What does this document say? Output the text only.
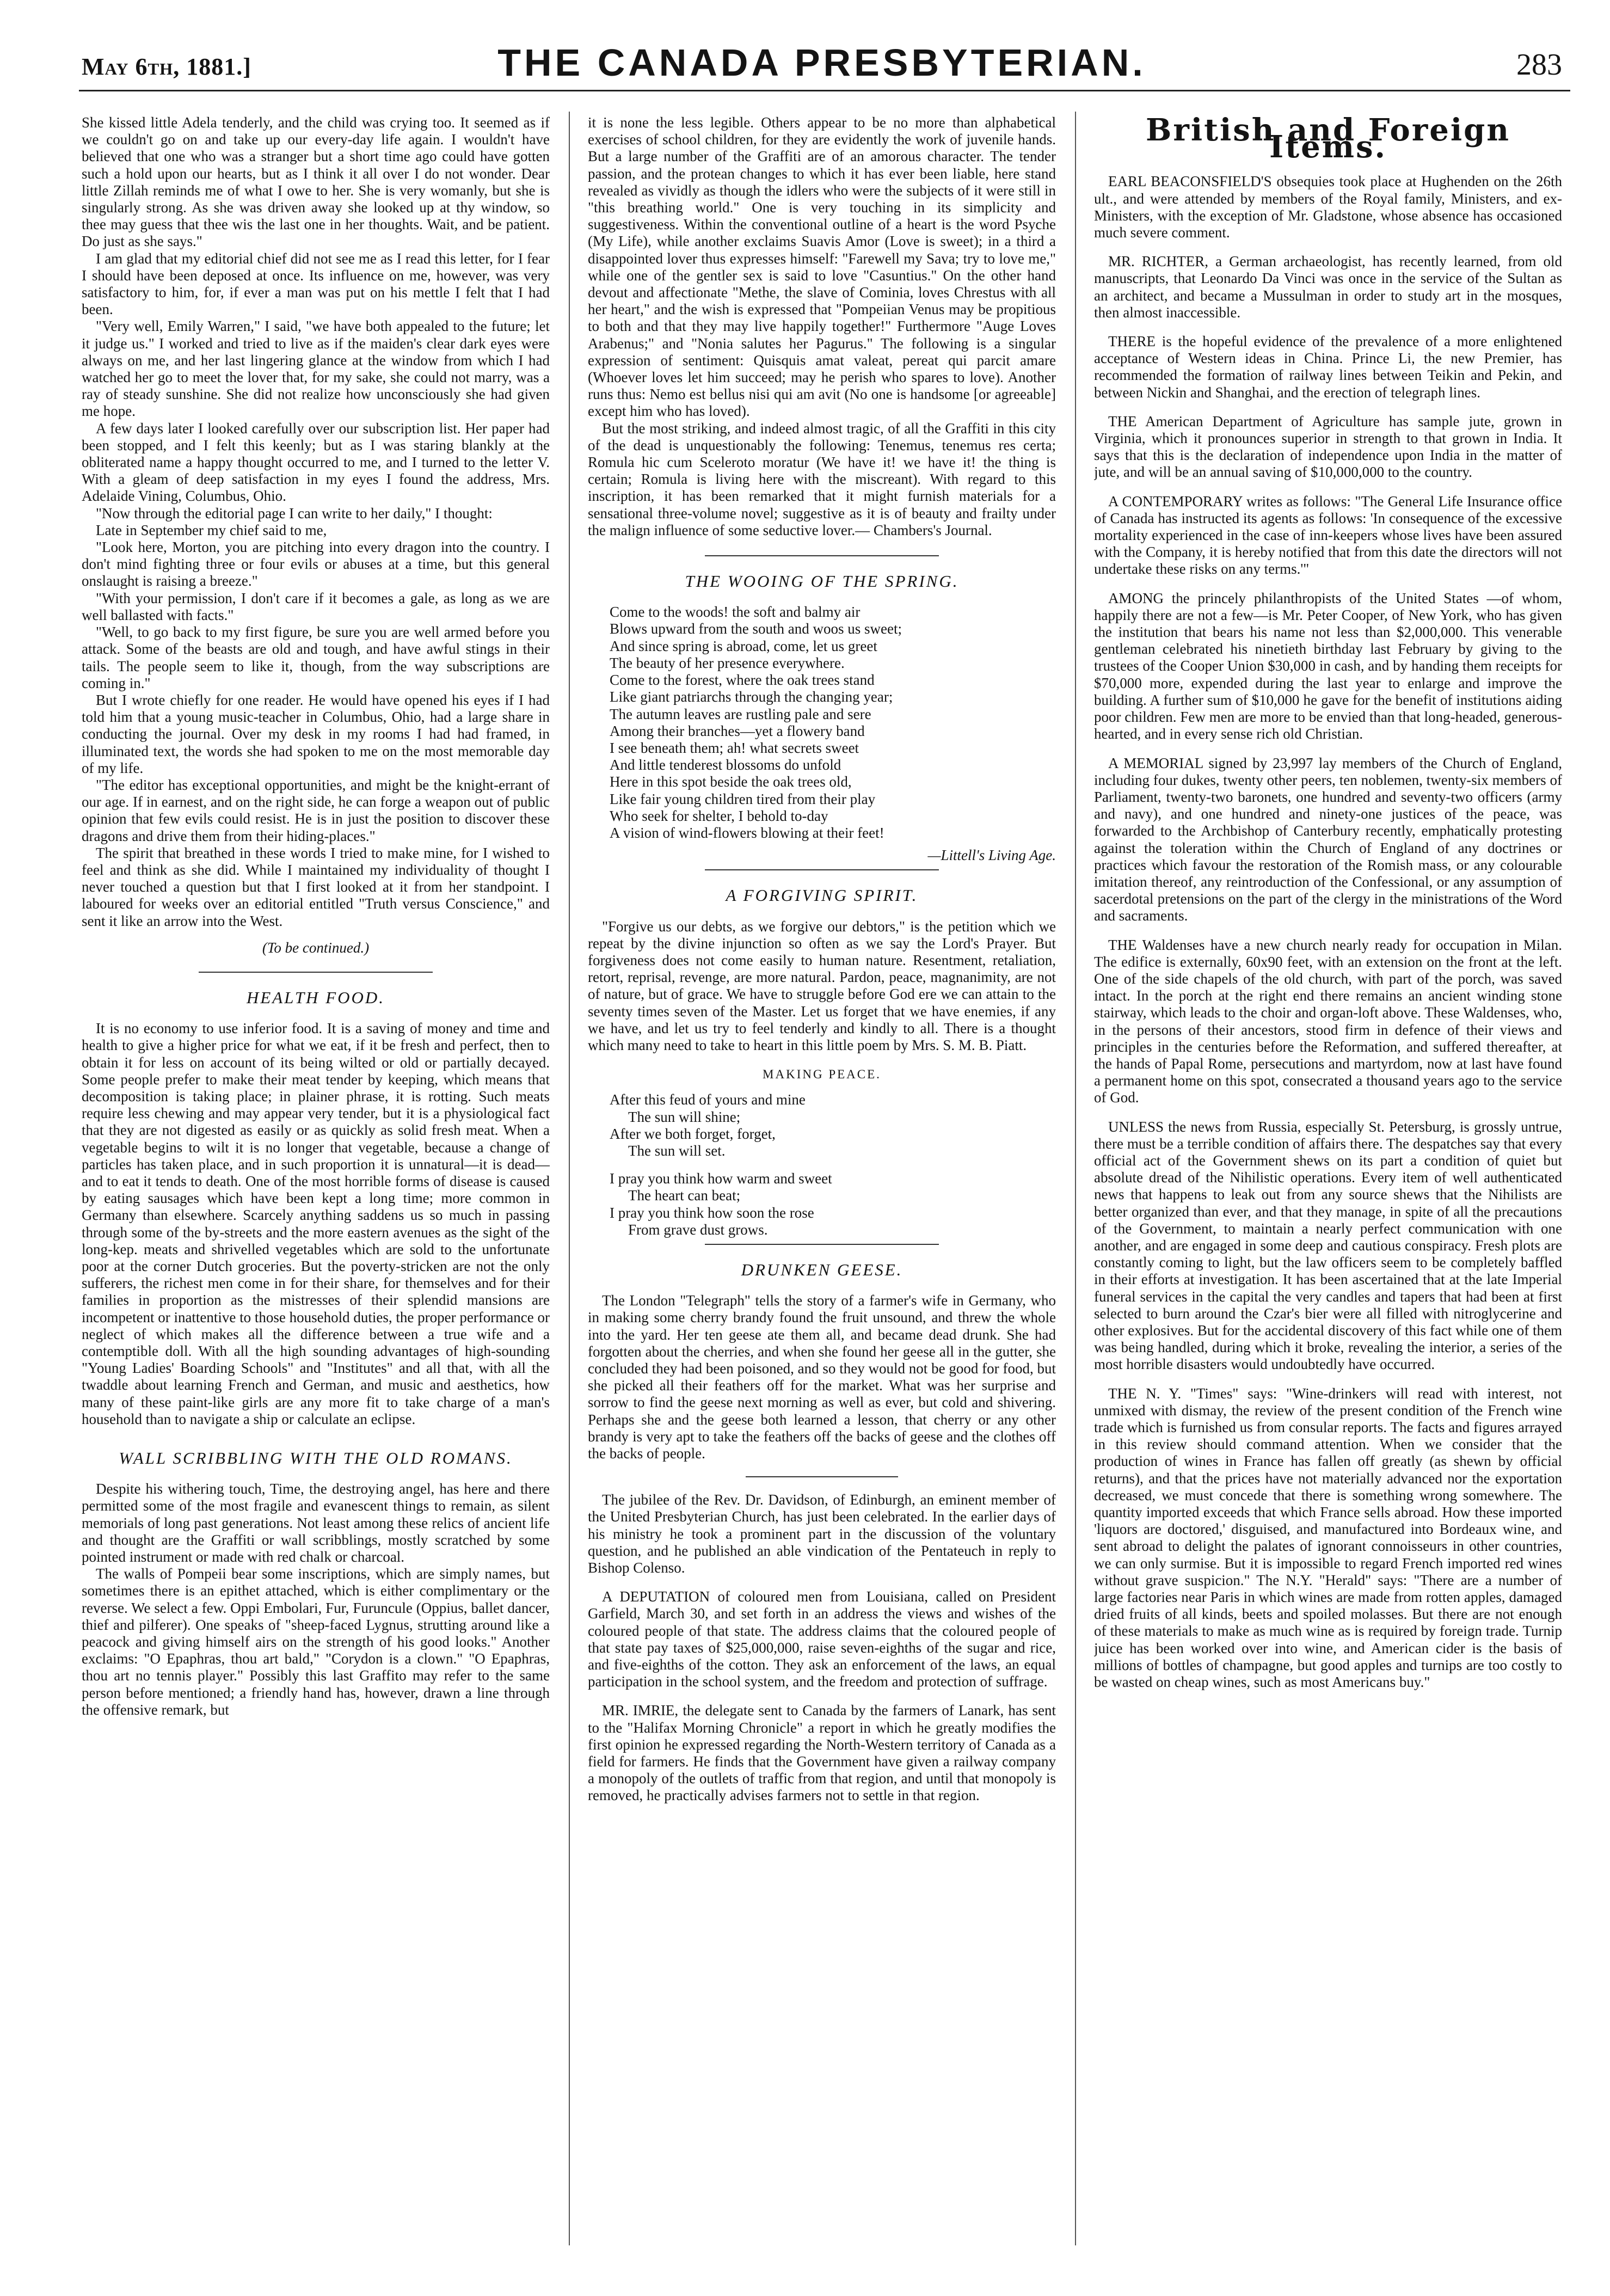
May 6th, 1881.]	THE CANADA PRESBYTERIAN.	283

She kissed little Adela tenderly, and the child was crying too. It seemed as if we couldn't go on and take up our every-day life again. I wouldn't have believed that one who was a stranger but a short time ago could have gotten such a hold upon our hearts, but as I think it all over I do not wonder. Dear little Zillah reminds me of what I owe to her. She is very womanly, but she is singularly strong. As she was driven away she looked up at thy window, so thee may guess that thee wis the last one in her thoughts. Wait, and be patient. Do just as she says."

I am glad that my editorial chief did not see me as I read this letter, for I fear I should have been deposed at once. Its influence on me, however, was very satisfactory to him, for, if ever a man was put on his mettle I felt that I had been.

"Very well, Emily Warren," I said, "we have both appealed to the future; let it judge us." I worked and tried to live as if the maiden's clear dark eyes were always on me, and her last lingering glance at the window from which I had watched her go to meet the lover that, for my sake, she could not marry, was a ray of steady sunshine. She did not realize how unconsciously she had given me hope.

A few days later I looked carefully over our subscription list. Her paper had been stopped, and I felt this keenly; but as I was staring blankly at the obliterated name a happy thought occurred to me, and I turned to the letter V. With a gleam of deep satisfaction in my eyes I found the address, Mrs. Adelaide Vining, Columbus, Ohio.

"Now through the editorial page I can write to her daily," I thought:

Late in September my chief said to me,

"Look here, Morton, you are pitching into every dragon into the country. I don't mind fighting three or four evils or abuses at a time, but this general onslaught is raising a breeze."

"With your permission, I don't care if it becomes a gale, as long as we are well ballasted with facts."

"Well, to go back to my first figure, be sure you are well armed before you attack. Some of the beasts are old and tough, and have awful stings in their tails. The people seem to like it, though, from the way subscriptions are coming in."

But I wrote chiefly for one reader. He would have opened his eyes if I had told him that a young music-teacher in Columbus, Ohio, had a large share in conducting the journal. Over my desk in my rooms I had had framed, in illuminated text, the words she had spoken to me on the most memorable day of my life.

"The editor has exceptional opportunities, and might be the knight-errant of our age. If in earnest, and on the right side, he can forge a weapon out of public opinion that few evils could resist. He is in just the position to discover these dragons and drive them from their hiding-places."

The spirit that breathed in these words I tried to make mine, for I wished to feel and think as she did. While I maintained my individuality of thought I never touched a question but that I first looked at it from her standpoint. I laboured for weeks over an editorial entitled "Truth versus Conscience," and sent it like an arrow into the West.

(To be continued.)
HEALTH FOOD.

It is no economy to use inferior food. It is a saving of money and time and health to give a higher price for what we eat, if it be fresh and perfect, then to obtain it for less on account of its being wilted or old or partially decayed. Some people prefer to make their meat tender by keeping, which means that decomposition is taking place; in plainer phrase, it is rotting. Such meats require less chewing and may appear very tender, but it is a physiological fact that they are not digested as easily or as quickly as solid fresh meat. When a vegetable begins to wilt it is no longer that vegetable, because a change of particles has taken place, and in such proportion it is unnatural—it is dead—and to eat it tends to death. One of the most horrible forms of disease is caused by eating sausages which have been kept a long time; more common in Germany than elsewhere. Scarcely anything saddens us so much in passing through some of the by-streets and the more eastern avenues as the sight of the long-kep. meats and shrivelled vegetables which are sold to the unfortunate poor at the corner Dutch groceries. But the poverty-stricken are not the only sufferers, the richest men come in for their share, for themselves and for their families in proportion as the mistresses of their splendid mansions are incompetent or inattentive to those household duties, the proper performance or neglect of which makes all the difference between a true wife and a contemptible doll. With all the high sounding advantages of high-sounding "Young Ladies' Boarding Schools" and "Institutes" and all that, with all the twaddle about learning French and German, and music and aesthetics, how many of these paint-like girls are any more fit to take charge of a man's household than to navigate a ship or calculate an eclipse.

WALL SCRIBBLING WITH THE OLD ROMANS.

Despite his withering touch, Time, the destroying angel, has here and there permitted some of the most fragile and evanescent things to remain, as silent memorials of long past generations. Not least among these relics of ancient life and thought are the Graffiti or wall scribblings, mostly scratched by some pointed instrument or made with red chalk or charcoal.

The walls of Pompeii bear some inscriptions, which are simply names, but sometimes there is an epithet attached, which is either complimentary or the reverse. We select a few. Oppi Embolari, Fur, Furuncule (Oppius, ballet dancer, thief and pilferer). One speaks of "sheep-faced Lygnus, strutting around like a peacock and giving himself airs on the strength of his good looks." Another exclaims: "O Epaphras, thou art bald," "Corydon is a clown." "O Epaphras, thou art no tennis player." Possibly this last Graffito may refer to the same person before mentioned; a friendly hand has, however, drawn a line through the offensive remark, but

it is none the less legible. Others appear to be no more than alphabetical exercises of school children, for they are evidently the work of juvenile hands. But a large number of the Graffiti are of an amorous character. The tender passion, and the protean changes to which it has ever been liable, here stand revealed as vividly as though the idlers who were the subjects of it were still in "this breathing world." One is very touching in its simplicity and suggestiveness. Within the conventional outline of a heart is the word Psyche (My Life), while another exclaims Suavis Amor (Love is sweet); in a third a disappointed lover thus expresses himself: "Farewell my Sava; try to love me," while one of the gentler sex is said to love "Casuntius." On the other hand devout and affectionate "Methe, the slave of Cominia, loves Chrestus with all her heart," and the wish is expressed that "Pompeiian Venus may be propitious to both and that they may live happily together!" Furthermore "Auge Loves Arabenus;" and "Nonia salutes her Pagurus." The following is a singular expression of sentiment: Quisquis amat valeat, pereat qui parcit amare (Whoever loves let him succeed; may he perish who spares to love). Another runs thus: Nemo est bellus nisi qui am avit (No one is handsome [or agreeable] except him who has loved).

But the most striking, and indeed almost tragic, of all the Graffiti in this city of the dead is unquestionably the following: Tenemus, tenemus res certa; Romula hic cum Sceleroto moratur (We have it! we have it! the thing is certain; Romula is living here with the miscreant). With regard to this inscription, it has been remarked that it might furnish materials for a sensational three-volume novel; suggestive as it is of beauty and frailty under the malign influence of some seductive lover.— Chambers's Journal.

THE WOOING OF THE SPRING.
Come to the woods! the soft and balmy air
Blows upward from the south and woos us sweet;
And since spring is abroad, come, let us greet
The beauty of her presence everywhere.
Come to the forest, where the oak trees stand
Like giant patriarchs through the changing year;
The autumn leaves are rustling pale and sere
Among their branches—yet a flowery band
I see beneath them; ah! what secrets sweet
And little tenderest blossoms do unfold
Here in this spot beside the oak trees old,
Like fair young children tired from their play
Who seek for shelter, I behold to-day
A vision of wind-flowers blowing at their feet!
—Littell's Living Age.
A FORGIVING SPIRIT.

"Forgive us our debts, as we forgive our debtors," is the petition which we repeat by the divine injunction so often as we say the Lord's Prayer. But forgiveness does not come easily to human nature. Resentment, retaliation, retort, reprisal, revenge, are more natural. Pardon, peace, magnanimity, are not of nature, but of grace. We have to struggle before God ere we can attain to the seventy times seven of the Master. Let us forget that we have enemies, if any we have, and let us try to feel tenderly and kindly to all. There is a thought which many need to take to heart in this little poem by Mrs. S. M. B. Piatt.

MAKING PEACE.
After this feud of yours and mine
The sun will shine;
After we both forget, forget,
The sun will set.
I pray you think how warm and sweet
The heart can beat;
I pray you think how soon the rose
From grave dust grows.
DRUNKEN GEESE.

The London "Telegraph" tells the story of a farmer's wife in Germany, who in making some cherry brandy found the fruit unsound, and threw the whole into the yard. Her ten geese ate them all, and became dead drunk. She had forgotten about the cherries, and when she found her geese all in the gutter, she concluded they had been poisoned, and so they would not be good for food, but she picked all their feathers off for the market. What was her surprise and sorrow to find the geese next morning as well as ever, but cold and shivering. Perhaps she and the geese both learned a lesson, that cherry or any other brandy is very apt to take the feathers off the backs of geese and the clothes off the backs of people.

The jubilee of the Rev. Dr. Davidson, of Edinburgh, an eminent member of the United Presbyterian Church, has just been celebrated. In the earlier days of his ministry he took a prominent part in the discussion of the voluntary question, and he published an able vindication of the Pentateuch in reply to Bishop Colenso.

A DEPUTATION of coloured men from Louisiana, called on President Garfield, March 30, and set forth in an address the views and wishes of the coloured people of that state. The address claims that the coloured people of that state pay taxes of $25,000,000, raise seven-eighths of the sugar and rice, and five-eighths of the cotton. They ask an enforcement of the laws, an equal participation in the school system, and the freedom and protection of suffrage.

MR. IMRIE, the delegate sent to Canada by the farmers of Lanark, has sent to the "Halifax Morning Chronicle" a report in which he greatly modifies the first opinion he expressed regarding the North-Western territory of Canada as a field for farmers. He finds that the Government have given a railway company a monopoly of the outlets of traffic from that region, and until that monopoly is removed, he practically advises farmers not to settle in that region.

British and Foreign Items.

EARL BEACONSFIELD'S obsequies took place at Hughenden on the 26th ult., and were attended by members of the Royal family, Ministers, and ex-Ministers, with the exception of Mr. Gladstone, whose absence has occasioned much severe comment.

MR. RICHTER, a German archaeologist, has recently learned, from old manuscripts, that Leonardo Da Vinci was once in the service of the Sultan as an architect, and became a Mussulman in order to study art in the mosques, then almost inaccessible.

THERE is the hopeful evidence of the prevalence of a more enlightened acceptance of Western ideas in China. Prince Li, the new Premier, has recommended the formation of railway lines between Teikin and Pekin, and between Nickin and Shanghai, and the erection of telegraph lines.

THE American Department of Agriculture has sample jute, grown in Virginia, which it pronounces superior in strength to that grown in India. It says that this is the declaration of independence upon India in the matter of jute, and will be an annual saving of $10,000,000 to the country.

A CONTEMPORARY writes as follows: "The General Life Insurance office of Canada has instructed its agents as follows: 'In consequence of the excessive mortality experienced in the case of inn-keepers whose lives have been assured with the Company, it is hereby notified that from this date the directors will not undertake these risks on any terms.'"

AMONG the princely philanthropists of the United States —of whom, happily there are not a few—is Mr. Peter Cooper, of New York, who has given the institution that bears his name not less than $2,000,000. This venerable gentleman celebrated his ninetieth birthday last February by giving to the trustees of the Cooper Union $30,000 in cash, and by handing them receipts for $70,000 more, expended during the last year to enlarge and improve the building. A further sum of $10,000 he gave for the benefit of institutions aiding poor children. Few men are more to be envied than that long-headed, generous-hearted, and in every sense rich old Christian.

A MEMORIAL signed by 23,997 lay members of the Church of England, including four dukes, twenty other peers, ten noblemen, twenty-six members of Parliament, twenty-two baronets, one hundred and seventy-two officers (army and navy), and one hundred and ninety-one justices of the peace, was forwarded to the Archbishop of Canterbury recently, emphatically protesting against the toleration within the Church of England of any doctrines or practices which favour the restoration of the Romish mass, or any colourable imitation thereof, any reintroduction of the Confessional, or any assumption of sacerdotal pretensions on the part of the clergy in the ministrations of the Word and sacraments.

THE Waldenses have a new church nearly ready for occupation in Milan. The edifice is externally, 60x90 feet, with an extension on the front at the left. One of the side chapels of the old church, with part of the porch, was saved intact. In the porch at the right end there remains an ancient winding stone stairway, which leads to the choir and organ-loft above. These Waldenses, who, in the persons of their ancestors, stood firm in defence of their views and principles in the centuries before the Reformation, and suffered thereafter, at the hands of Papal Rome, persecutions and martyrdom, now at last have found a permanent home on this spot, consecrated a thousand years ago to the service of God.

UNLESS the news from Russia, especially St. Petersburg, is grossly untrue, there must be a terrible condition of affairs there. The despatches say that every official act of the Government shews on its part a condition of quiet but absolute dread of the Nihilistic operations. Every item of well authenticated news that happens to leak out from any source shews that the Nihilists are better organized than ever, and that they manage, in spite of all the precautions of the Government, to maintain a nearly perfect communication with one another, and are engaged in some deep and cautious conspiracy. Fresh plots are constantly coming to light, but the law officers seem to be completely baffled in their efforts at investigation. It has been ascertained that at the late Imperial funeral services in the capital the very candles and tapers that had been at first selected to burn around the Czar's bier were all filled with nitroglycerine and other explosives. But for the accidental discovery of this fact while one of them was being handled, during which it broke, revealing the interior, a series of the most horrible disasters would undoubtedly have occurred.

THE N. Y. "Times" says: "Wine-drinkers will read with interest, not unmixed with dismay, the review of the present condition of the French wine trade which is furnished us from consular reports. The facts and figures arrayed in this review should command attention. When we consider that the production of wines in France has fallen off greatly (as shewn by official returns), and that the prices have not materially advanced nor the exportation decreased, we must concede that there is something wrong somewhere. The quantity imported exceeds that which France sells abroad. How these imported 'liquors are doctored,' disguised, and manufactured into Bordeaux wine, and sent abroad to delight the palates of ignorant connoisseurs in other countries, we can only surmise. But it is impossible to regard French imported red wines without grave suspicion." The N.Y. "Herald" says: "There are a number of large factories near Paris in which wines are made from rotten apples, damaged dried fruits of all kinds, beets and spoiled molasses. But there are not enough of these materials to make as much wine as is required by foreign trade. Turnip juice has been worked over into wine, and American cider is the basis of millions of bottles of champagne, but good apples and turnips are too costly to be wasted on cheap wines, such as most Americans buy."
